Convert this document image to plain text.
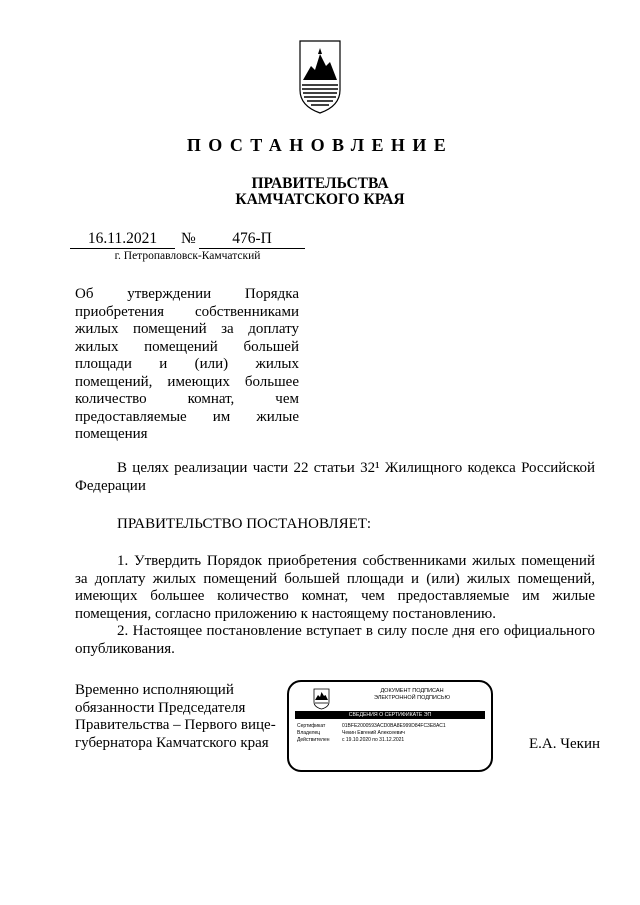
ПОСТАНОВЛЕНИЕ
ПРАВИТЕЛЬСТВА
КАМЧАТСКОГО КРАЯ
16.11.2021	№	476-П
г. Петропавловск-Камчатский
Об утверждении Порядка приобретения собственниками жилых помещений за доплату жилых помещений большей площади и (или) жилых помещений, имеющих большее количество комнат, чем предоставляемые им жилые помещения
В целях реализации части 22 статьи 32¹ Жилищного кодекса Российской Федерации
ПРАВИТЕЛЬСТВО ПОСТАНОВЛЯЕТ:
1. Утвердить Порядок приобретения собственниками жилых помещений за доплату жилых помещений большей площади и (или) жилых помещений, имеющих большее количество комнат, чем предоставляемые им жилые помещения, согласно приложению к настоящему постановлению.
2. Настоящее постановление вступает в силу после дня его официального опубликования.
Временно исполняющий обязанности Председателя Правительства – Первого вице-губернатора Камчатского края	Е.А. Чекин
ДОКУМЕНТ ПОДПИСАН
ЭЛЕКТРОННОЙ ПОДПИСЬЮ
СВЕДЕНИЯ О СЕРТИФИКАТЕ ЭП
Сертификат	01BFE2000593ACD0BA8E999D84FC3E8AC1
Владелец	Чекин Евгений Алексеевич
Действителен с 19.10.2020 по 31.12.2021
